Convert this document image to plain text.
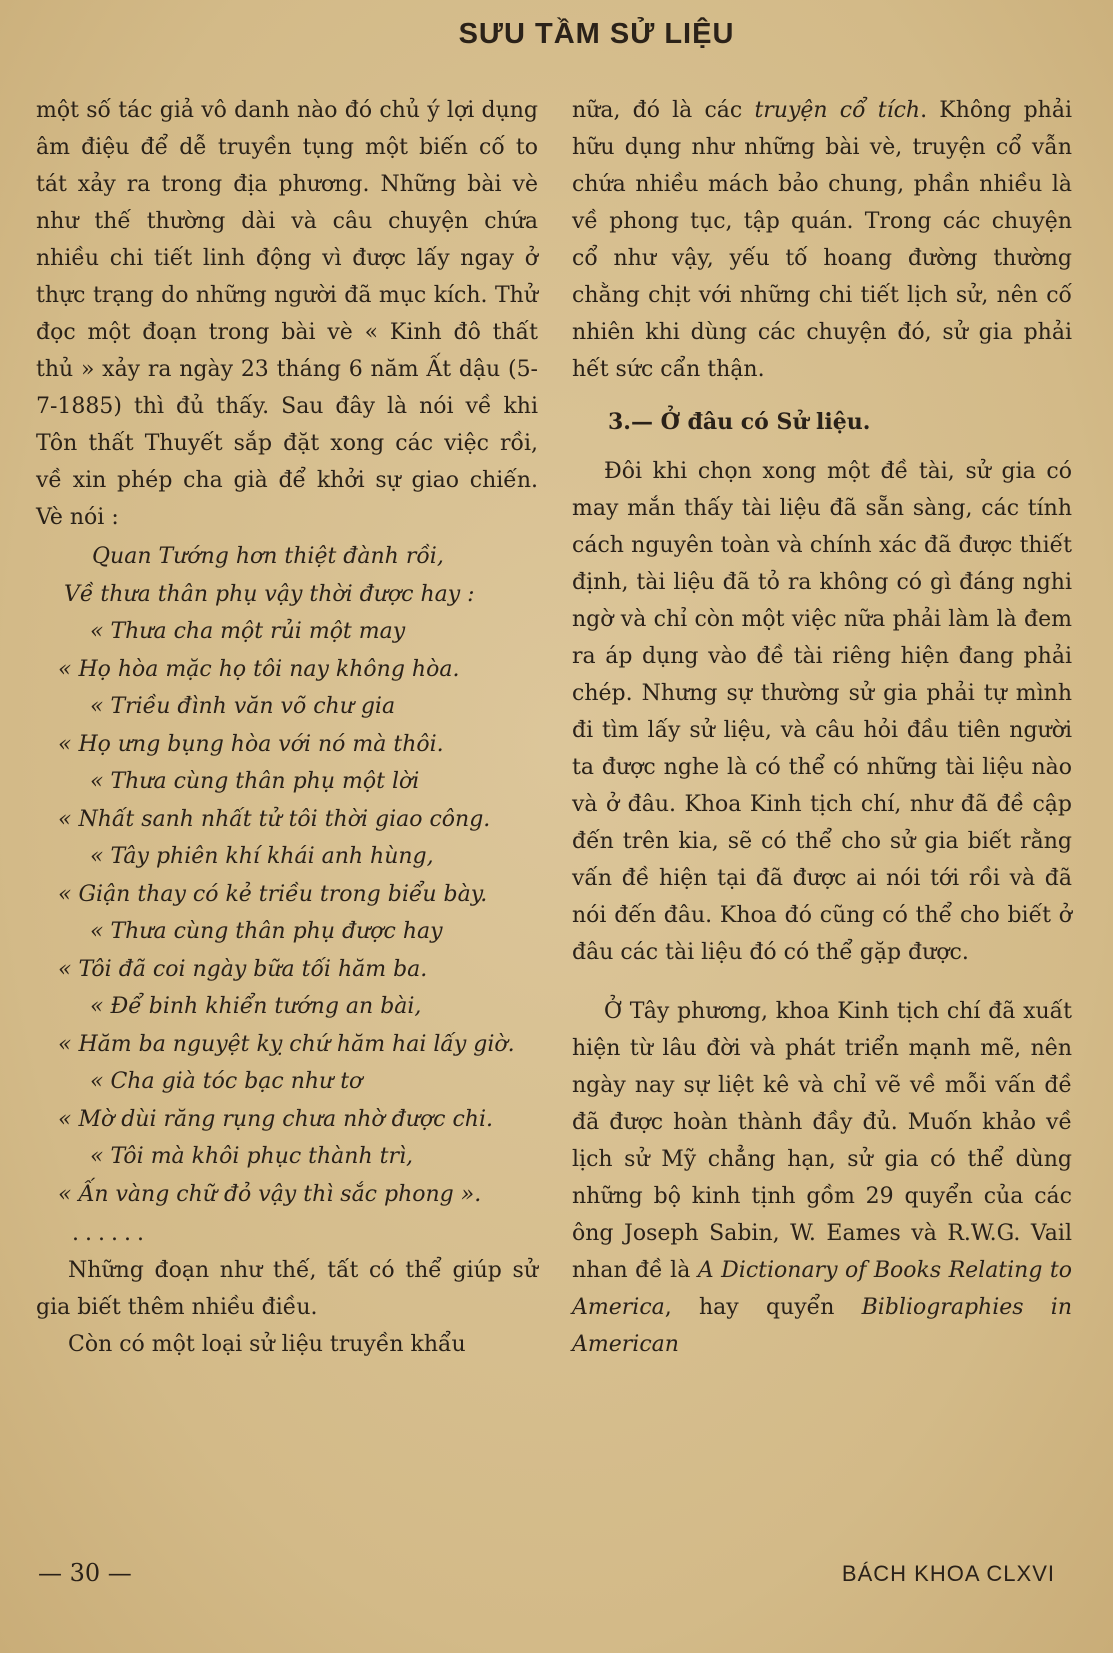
SƯU TẦM SỬ LIỆU

một số tác giả vô danh nào đó chủ ý lợi dụng âm điệu để dễ truyền tụng một biến cố to tát xảy ra trong địa phương. Những bài vè như thế thường dài và câu chuyện chứa nhiều chi tiết linh động vì được lấy ngay ở thực trạng do những người đã mục kích. Thử đọc một đoạn trong bài vè « Kinh đô thất thủ » xảy ra ngày 23 tháng 6 năm Ất dậu (5-7-1885) thì đủ thấy. Sau đây là nói về khi Tôn thất Thuyết sắp đặt xong các việc rồi, về xin phép cha già để khởi sự giao chiến. Vè nói :

Quan Tướng hơn thiệt đành rồi,
Về thưa thân phụ vậy thời được hay :
« Thưa cha một rủi một may
« Họ hòa mặc họ tôi nay không hòa.
« Triều đình văn võ chư gia
« Họ ưng bụng hòa với nó mà thôi.
« Thưa cùng thân phụ một lời
« Nhất sanh nhất tử tôi thời giao công.
« Tây phiên khí khái anh hùng,
« Giận thay có kẻ triều trong biểu bày.
« Thưa cùng thân phụ được hay
« Tôi đã coi ngày bữa tối hăm ba.
« Để binh khiển tướng an bài,
« Hăm ba nguyệt kỵ chứ hăm hai lấy giờ.
« Cha già tóc bạc như tơ
« Mờ dùi răng rụng chưa nhờ được chi.
« Tôi mà khôi phục thành trì,
« Ấn vàng chữ đỏ vậy thì sắc phong ».
......

Những đoạn như thế, tất có thể giúp sử gia biết thêm nhiều điều.

Còn có một loại sử liệu truyền khẩu

nữa, đó là các truyện cổ tích. Không phải hữu dụng như những bài vè, truyện cổ vẫn chứa nhiều mách bảo chung, phần nhiều là về phong tục, tập quán. Trong các chuyện cổ như vậy, yếu tố hoang đường thường chằng chịt với những chi tiết lịch sử, nên cố nhiên khi dùng các chuyện đó, sử gia phải hết sức cẩn thận.

3.— Ở đâu có Sử liệu.

Đôi khi chọn xong một đề tài, sử gia có may mắn thấy tài liệu đã sẵn sàng, các tính cách nguyên toàn và chính xác đã được thiết định, tài liệu đã tỏ ra không có gì đáng nghi ngờ và chỉ còn một việc nữa phải làm là đem ra áp dụng vào đề tài riêng hiện đang phải chép. Nhưng sự thường sử gia phải tự mình đi tìm lấy sử liệu, và câu hỏi đầu tiên người ta được nghe là có thể có những tài liệu nào và ở đâu. Khoa Kinh tịch chí, như đã đề cập đến trên kia, sẽ có thể cho sử gia biết rằng vấn đề hiện tại đã được ai nói tới rồi và đã nói đến đâu. Khoa đó cũng có thể cho biết ở đâu các tài liệu đó có thể gặp được.

Ở Tây phương, khoa Kinh tịch chí đã xuất hiện từ lâu đời và phát triển mạnh mẽ, nên ngày nay sự liệt kê và chỉ vẽ về mỗi vấn đề đã được hoàn thành đầy đủ. Muốn khảo về lịch sử Mỹ chẳng hạn, sử gia có thể dùng những bộ kinh tịnh gồm 29 quyển của các ông Joseph Sabin, W. Eames và R.W.G. Vail nhan đề là A Dictionary of Books Relating to America, hay quyển Bibliographies in American

— 30 —	BÁCH KHOA CLXVI
